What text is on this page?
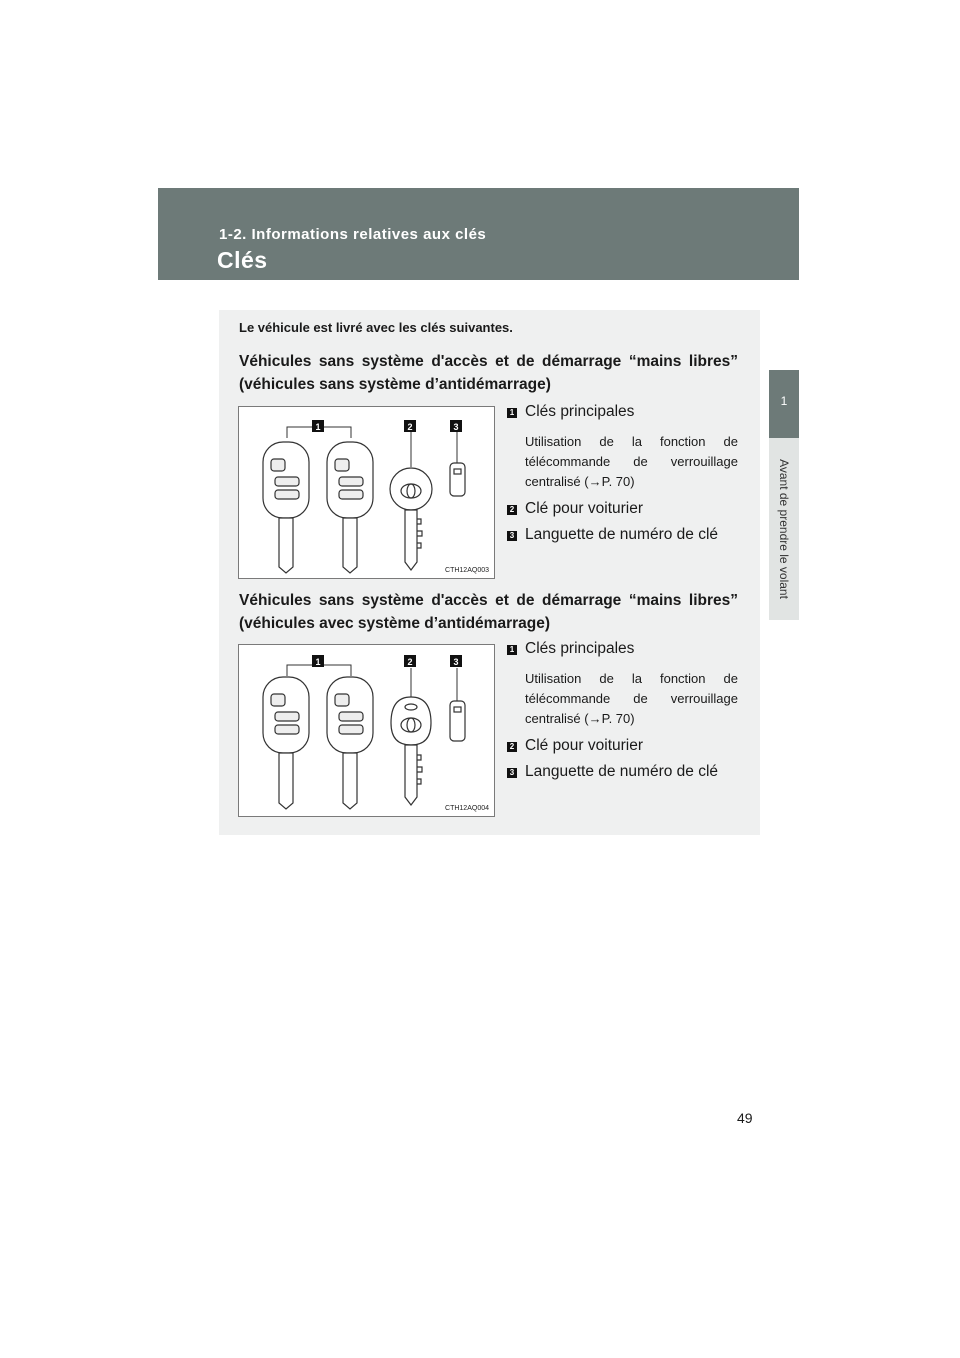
1-2. Informations relatives aux clés
Clés
1
Avant de prendre le volant
Le véhicule est livré avec les clés suivantes.
Véhicules sans système d'accès et de démarrage “mains libres” (véhicules sans système d’antidémarrage)
1	2	3
CTH12AQ003
1 Clés principales
Utilisation de la fonction de télécommande de verrouillage centralisé (→P. 70)
2 Clé pour voiturier
3 Languette de numéro de clé
Véhicules sans système d'accès et de démarrage “mains libres” (véhicules avec système d’antidémarrage)
1	2	3
CTH12AQ004
1 Clés principales
Utilisation de la fonction de télécommande de verrouillage centralisé (→P. 70)
2 Clé pour voiturier
3 Languette de numéro de clé
49
